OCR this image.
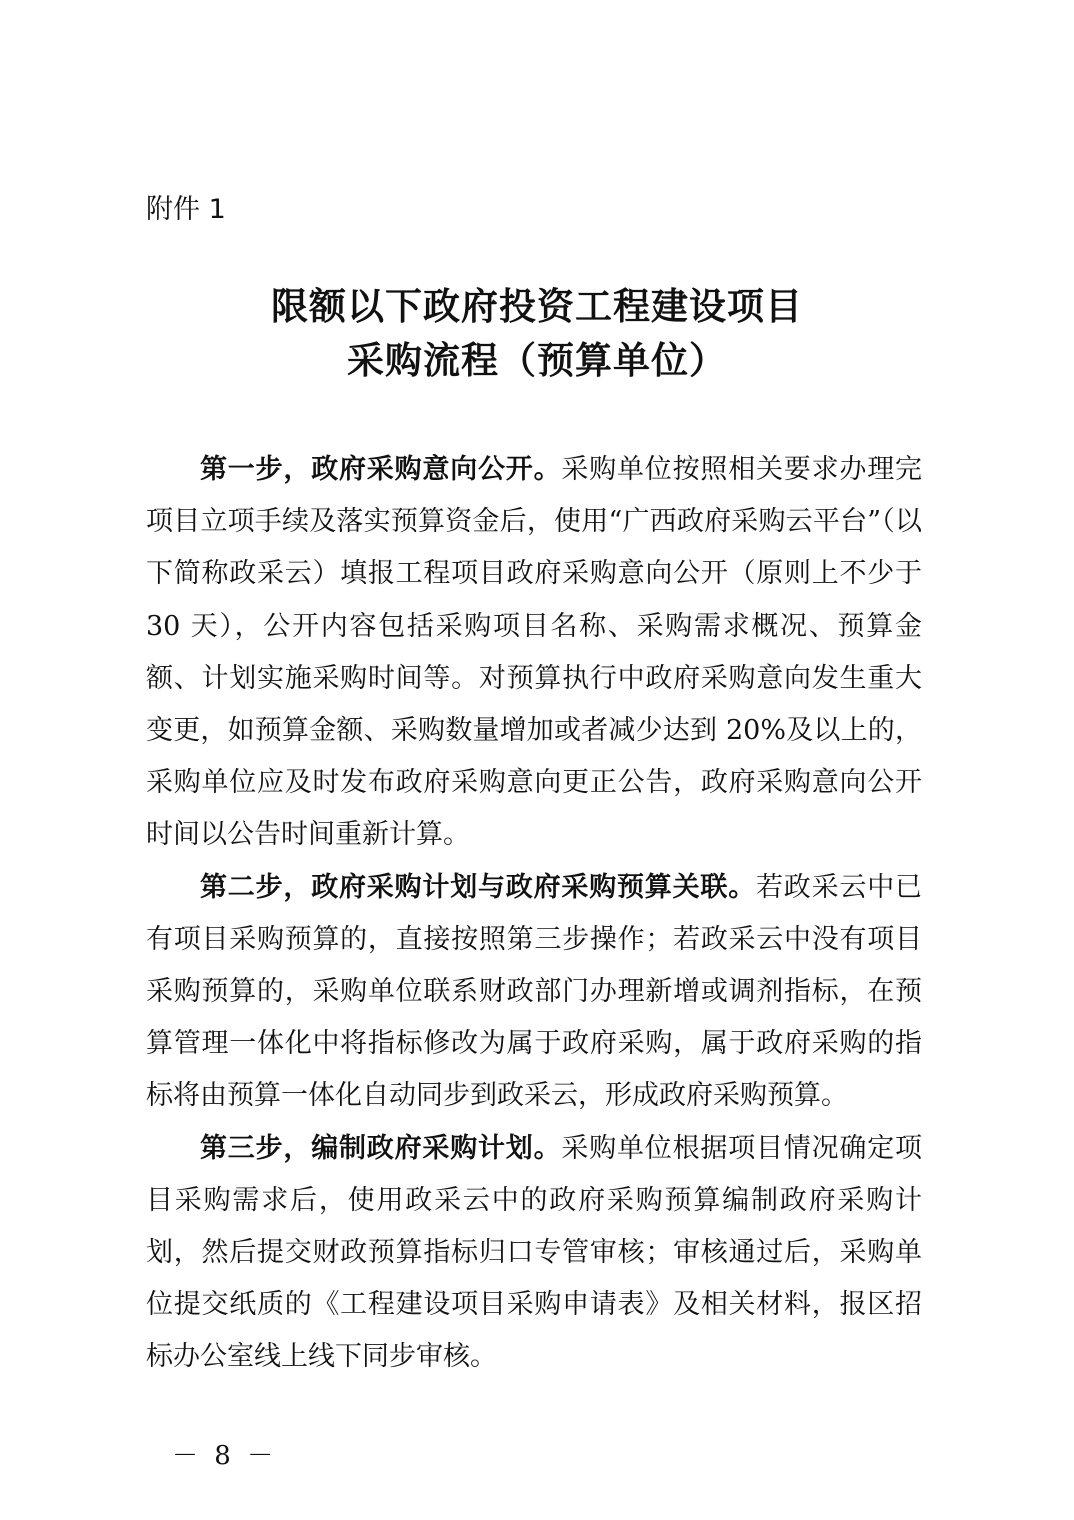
附件 1
限额以下政府投资工程建设项目
采购流程（预算单位）

第一步，政府采购意向公开。采购单位按照相关要求办理完项目立项手续及落实预算资金后，使用“广西政府采购云平台”（以下简称政采云）填报工程项目政府采购意向公开（原则上不少于 30 天），公开内容包括采购项目名称、采购需求概况、预算金额、计划实施采购时间等。对预算执行中政府采购意向发生重大变更，如预算金额、采购数量增加或者减少达到 20%及以上的，采购单位应及时发布政府采购意向更正公告，政府采购意向公开时间以公告时间重新计算。

第二步，政府采购计划与政府采购预算关联。若政采云中已有项目采购预算的，直接按照第三步操作；若政采云中没有项目采购预算的，采购单位联系财政部门办理新增或调剂指标，在预算管理一体化中将指标修改为属于政府采购，属于政府采购的指标将由预算一体化自动同步到政采云，形成政府采购预算。

第三步，编制政府采购计划。采购单位根据项目情况确定项目采购需求后，使用政采云中的政府采购预算编制政府采购计划，然后提交财政预算指标归口专管审核；审核通过后，采购单位提交纸质的《工程建设项目采购申请表》及相关材料，报区招标办公室线上线下同步审核。

－ 8 －
